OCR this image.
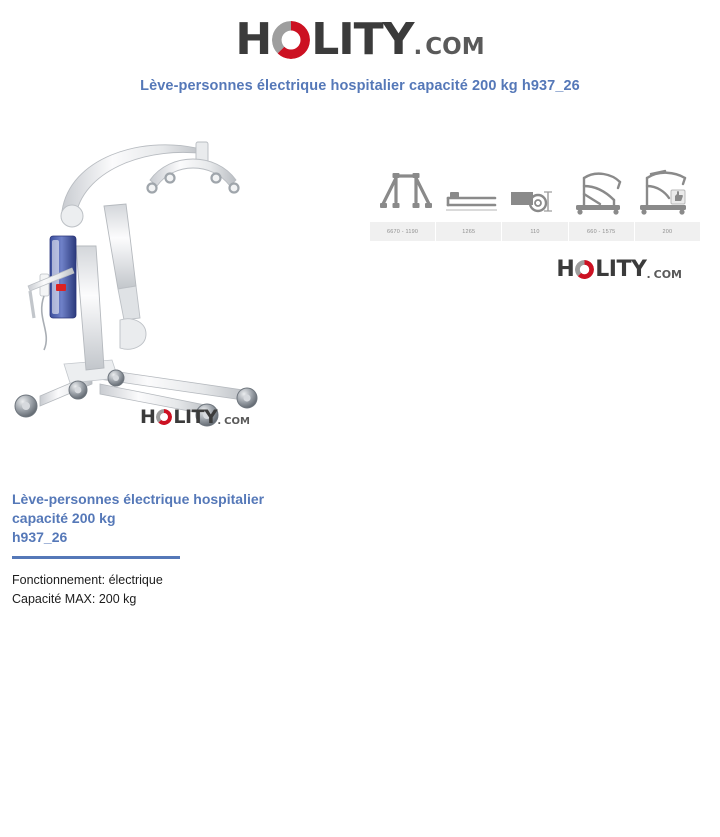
H LITY . COM
Lève-personnes électrique hospitalier capacité 200 kg h937_26
H LITY . COM
6670 - 1190	1265	110	660 - 1575	200
H LITY . COM
Lève-personnes électrique hospitalier capacité 200 kg
h937_26
Fonctionnement: électrique
Capacité MAX: 200 kg
